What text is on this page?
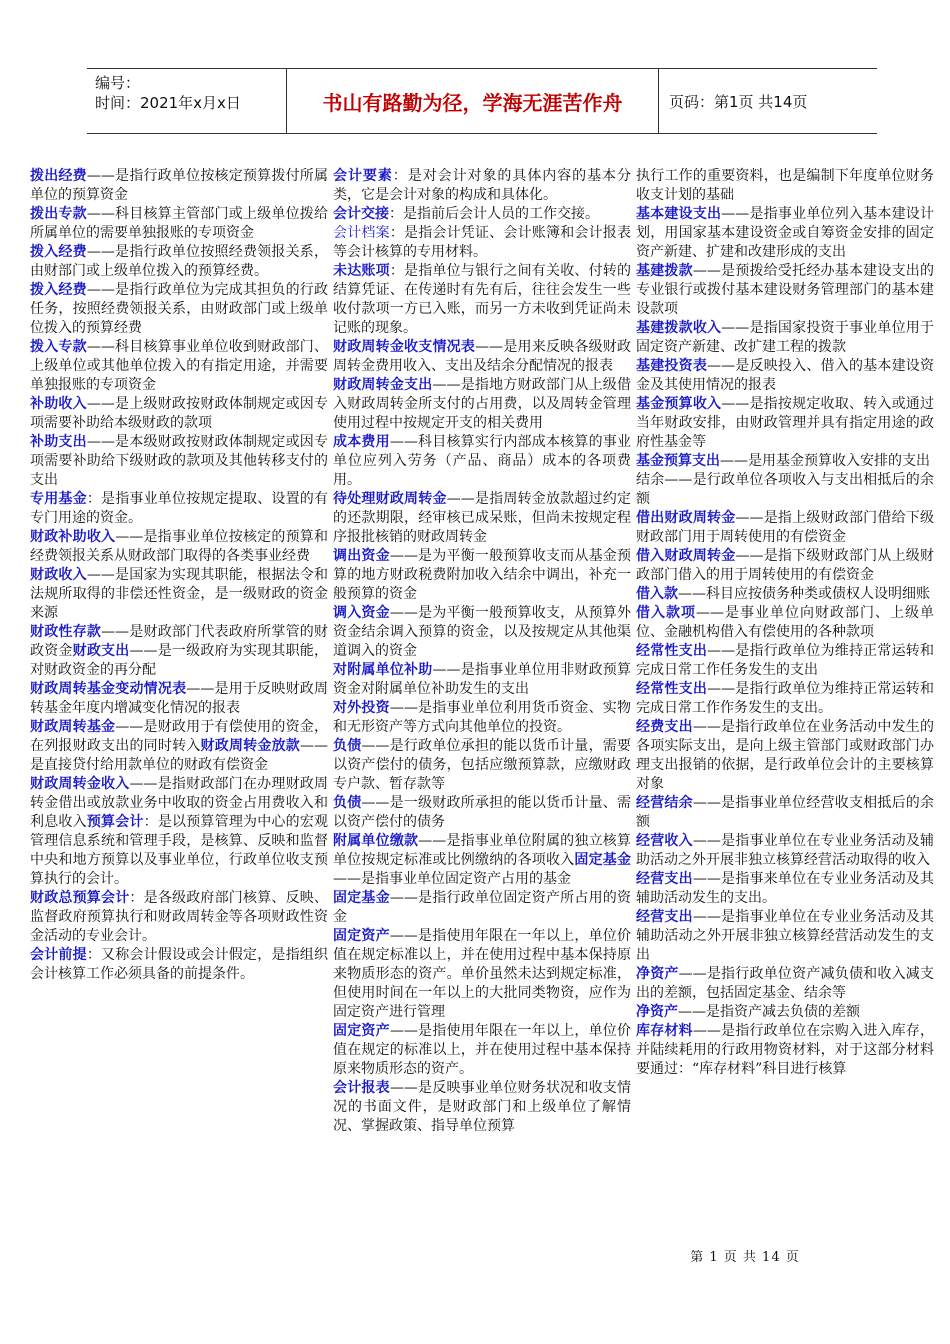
编号：
时间：2021年x月x日	书山有路勤为径，学海无涯苦作舟	页码：第1页 共14页

拨出经费——是指行政单位按核定预算拨付所属单位的预算资金

拨出专款——科目核算主管部门或上级单位拨给所属单位的需要单独报账的专项资金

拨入经费——是指行政单位按照经费领报关系，由财部门或上级单位拨入的预算经费。

拨入经费——是指行政单位为完成其担负的行政任务，按照经费领报关系，由财政部门或上级单位拨入的预算经费

拨入专款——科目核算事业单位收到财政部门、上级单位或其他单位拨入的有指定用途，并需要单独报账的专项资金

补助收入——是上级财政按财政体制规定或因专项需要补助给本级财政的款项

补助支出——是本级财政按财政体制规定或因专项需要补助给下级财政的款项及其他转移支付的支出

专用基金：是指事业单位按规定提取、设置的有专门用途的资金。

财政补助收入——是指事业单位按核定的预算和经费领报关系从财政部门取得的各类事业经费

财政收入——是国家为实现其职能，根据法令和法规所取得的非偿还性资金，是一级财政的资金来源

财政性存款——是财政部门代表政府所掌管的财政资金财政支出——是一级政府为实现其职能，对财政资金的再分配

财政周转基金变动情况表——是用于反映财政周转基金年度内增减变化情况的报表

财政周转基金——是财政用于有偿使用的资金，在列报财政支出的同时转入财政周转金放款——是直接贷付给用款单位的财政有偿资金

财政周转金收入——是指财政部门在办理财政周转金借出或放款业务中收取的资金占用费收入和利息收入预算会计：是以预算管理为中心的宏观管理信息系统和管理手段，是核算、反映和监督中央和地方预算以及事业单位，行政单位收支预算执行的会计。

财政总预算会计：是各级政府部门核算、反映、监督政府预算执行和财政周转金等各项财政性资金活动的专业会计。

会计前提：又称会计假设或会计假定，是指组织会计核算工作必须具备的前提条件。

会计要素：是对会计对象的具体内容的基本分类，它是会计对象的构成和具体化。

会计交接：是指前后会计人员的工作交接。

会计档案：是指会计凭证、会计账簿和会计报表等会计核算的专用材料。

未达账项：是指单位与银行之间有关收、付转的结算凭证、在传递时有先有后，往往会发生一些收付款项一方已入账，而另一方未收到凭证尚未记账的现象。

财政周转金收支情况表——是用来反映各级财政周转金费用收入、支出及结余分配情况的报表

财政周转金支出——是指地方财政部门从上级借入财政周转金所支付的占用费，以及周转金管理使用过程中按规定开支的相关费用

成本费用——科目核算实行内部成本核算的事业单位应列入劳务（产品、商品）成本的各项费用。

待处理财政周转金——是指周转金放款超过约定的还款期限，经审核已成呆账，但尚未按规定程序报批核销的财政周转金

调出资金——是为平衡一般预算收支而从基金预算的地方财政税费附加收入结余中调出，补充一般预算的资金

调入资金——是为平衡一般预算收支，从预算外资金结余调入预算的资金，以及按规定从其他渠道调入的资金

对附属单位补助——是指事业单位用非财政预算资金对附属单位补助发生的支出

对外投资——是指事业单位利用货币资金、实物和无形资产等方式向其他单位的投资。

负债——是行政单位承担的能以货币计量，需要以资产偿付的债务，包括应缴预算款，应缴财政专户款、暂存款等

负债——是一级财政所承担的能以货币计量、需以资产偿付的债务

附属单位缴款——是指事业单位附属的独立核算单位按规定标准或比例缴纳的各项收入固定基金——是指事业单位固定资产占用的基金

固定基金——是指行政单位固定资产所占用的资金

固定资产——是指使用年限在一年以上，单位价值在规定标准以上，并在使用过程中基本保持原来物质形态的资产。单价虽然未达到规定标准，但使用时间在一年以上的大批同类物资，应作为固定资产进行管理

固定资产——是指使用年限在一年以上，单位价值在规定的标准以上，并在使用过程中基本保持原来物质形态的资产。

会计报表——是反映事业单位财务状况和收支情况的书面文件，是财政部门和上级单位了解情况、掌握政策、指导单位预算

执行工作的重要资料，也是编制下年度单位财务收支计划的基础

基本建设支出——是指事业单位列入基本建设计划，用国家基本建设资金或自筹资金安排的固定资产新建、扩建和改建形成的支出

基建拨款——是预拨给受托经办基本建设支出的专业银行或拨付基本建设财务管理部门的基本建设款项

基建拨款收入——是指国家投资于事业单位用于固定资产新建、改扩建工程的拨款

基建投资表——是反映投入、借入的基本建设资金及其使用情况的报表

基金预算收入——是指按规定收取、转入或通过当年财政安排，由财政管理并具有指定用途的政府性基金等

基金预算支出——是用基金预算收入安排的支出

结余——是行政单位各项收入与支出相抵后的余额

借出财政周转金——是指上级财政部门借给下级财政部门用于周转使用的有偿资金

借入财政周转金——是指下级财政部门从上级财政部门借入的用于周转使用的有偿资金

借入款——科目应按债务种类或债权人设明细账

借入款项——是事业单位向财政部门、上级单位、金融机构借入有偿使用的各种款项

经常性支出——是指行政单位为维持正常运转和完成日常工作任务发生的支出

经常性支出——是指行政单位为维持正常运转和完成日常工作作务发生的支出。

经费支出——是指行政单位在业务活动中发生的各项实际支出，是向上级主管部门或财政部门办理支出报销的依据，是行政单位会计的主要核算对象

经营结余——是指事业单位经营收支相抵后的余额

经营收入——是指事业单位在专业业务活动及辅助活动之外开展非独立核算经营活动取得的收入

经营支出——是指事来单位在专业业务活动及其辅助活动发生的支出。

经营支出——是指事业单位在专业业务活动及其辅助活动之外开展非独立核算经营活动发生的支出

净资产——是指行政单位资产减负债和收入减支出的差额，包括固定基金、结余等

净资产——是指资产减去负债的差额

库存材料——是指行政单位在宗购入进入库存，并陆续耗用的行政用物资材料，对于这部分材料要通过：“库存材料”科目进行核算

第 1 页 共 14 页
